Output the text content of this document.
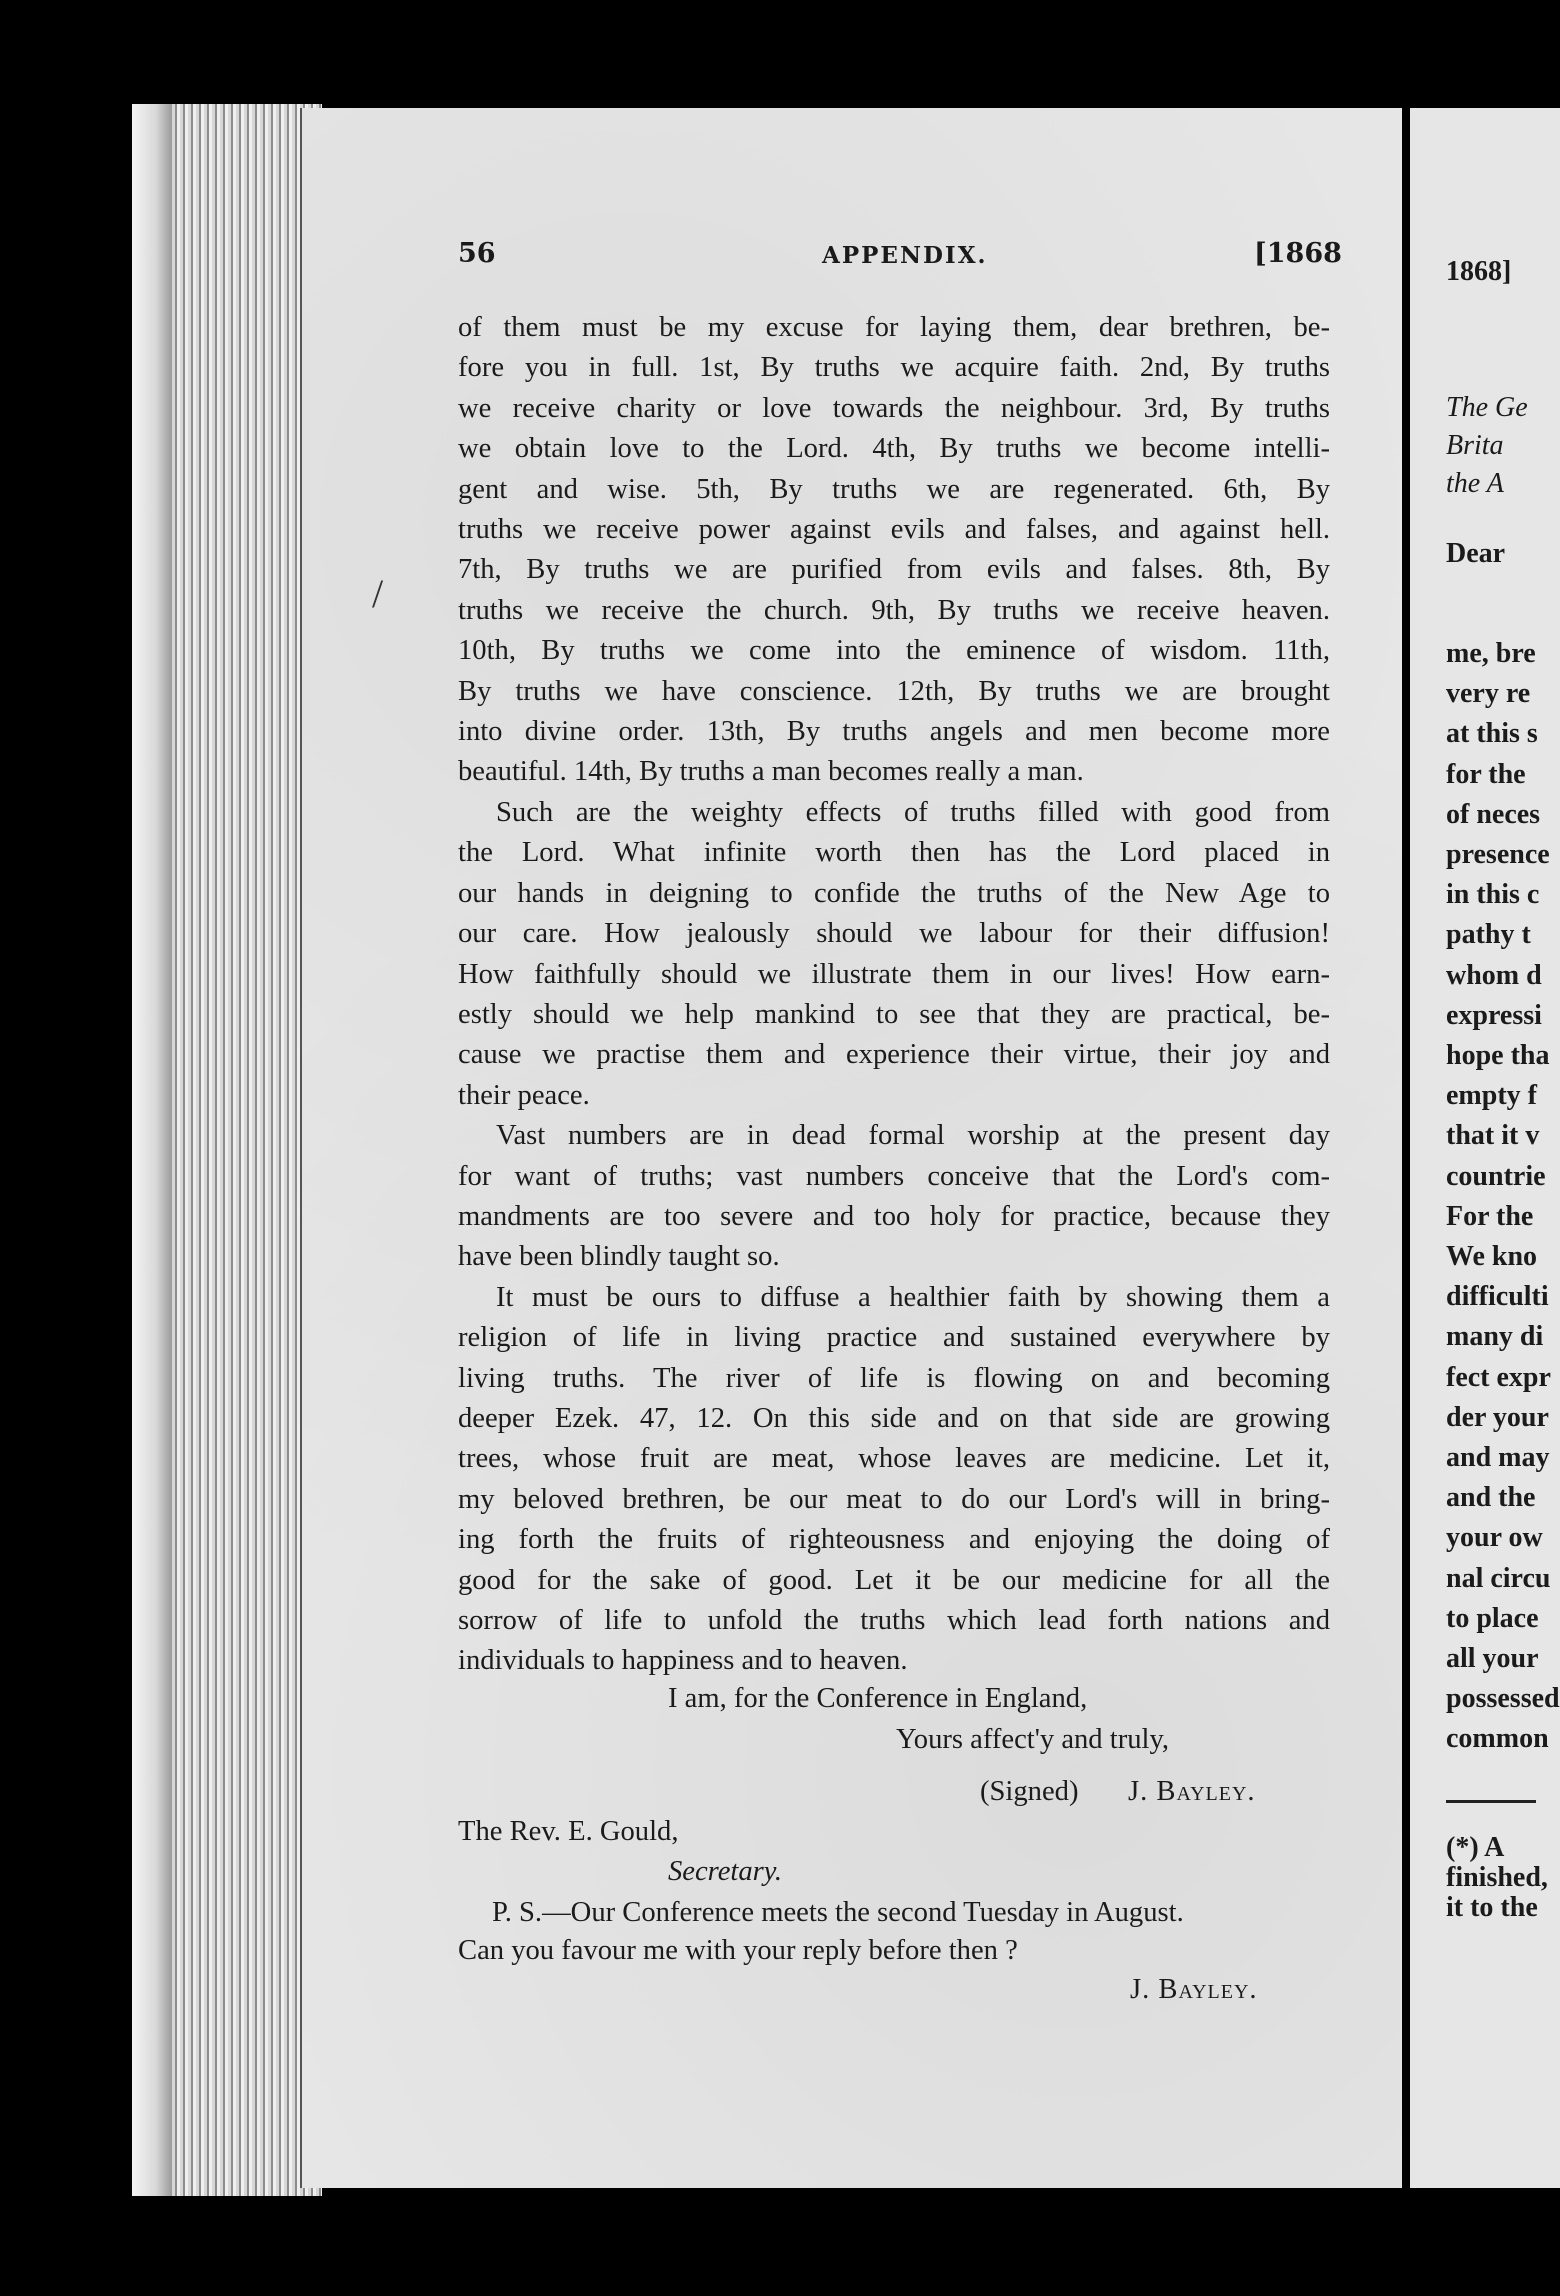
56	APPENDIX.	[1868
/
of them must be my excuse for laying them, dear brethren, be-
fore you in full. 1st, By truths we acquire faith. 2nd, By truths
we receive charity or love towards the neighbour. 3rd, By truths
we obtain love to the Lord. 4th, By truths we become intelli-
gent and wise. 5th, By truths we are regenerated. 6th, By
truths we receive power against evils and falses, and against hell.
7th, By truths we are purified from evils and falses. 8th, By
truths we receive the church. 9th, By truths we receive heaven.
10th, By truths we come into the eminence of wisdom. 11th,
By truths we have conscience. 12th, By truths we are brought
into divine order. 13th, By truths angels and men become more
beautiful. 14th, By truths a man becomes really a man.
Such are the weighty effects of truths filled with good from
the Lord. What infinite worth then has the Lord placed in
our hands in deigning to confide the truths of the New Age to
our care. How jealously should we labour for their diffusion!
How faithfully should we illustrate them in our lives! How earn-
estly should we help mankind to see that they are practical, be-
cause we practise them and experience their virtue, their joy and
their peace.
Vast numbers are in dead formal worship at the present day
for want of truths; vast numbers conceive that the Lord's com-
mandments are too severe and too holy for practice, because they
have been blindly taught so.
It must be ours to diffuse a healthier faith by showing them a
religion of life in living practice and sustained everywhere by
living truths. The river of life is flowing on and becoming
deeper Ezek. 47, 12. On this side and on that side are growing
trees, whose fruit are meat, whose leaves are medicine. Let it,
my beloved brethren, be our meat to do our Lord's will in bring-
ing forth the fruits of righteousness and enjoying the doing of
good for the sake of good. Let it be our medicine for all the
sorrow of life to unfold the truths which lead forth nations and
individuals to happiness and to heaven.
I am, for the Conference in England,
Yours affect'y and truly,
(Signed) J. Bayley.
The Rev. E. Gould,
Secretary.
P. S.—Our Conference meets the second Tuesday in August.
Can you favour me with your reply before then ?
J. Bayley.
1868]
The Ge
Brita
the A
Dear
me, bre
very re
at this s
for the
of neces
presence
in this c
pathy t
whom d
expressi
hope tha
empty f
that it v
countrie
For the
We kno
difficulti
many di
fect expr
der your
and may
and the
your ow
nal circu
to place
all your
possessed
common
(*) A
finished,
it to the
